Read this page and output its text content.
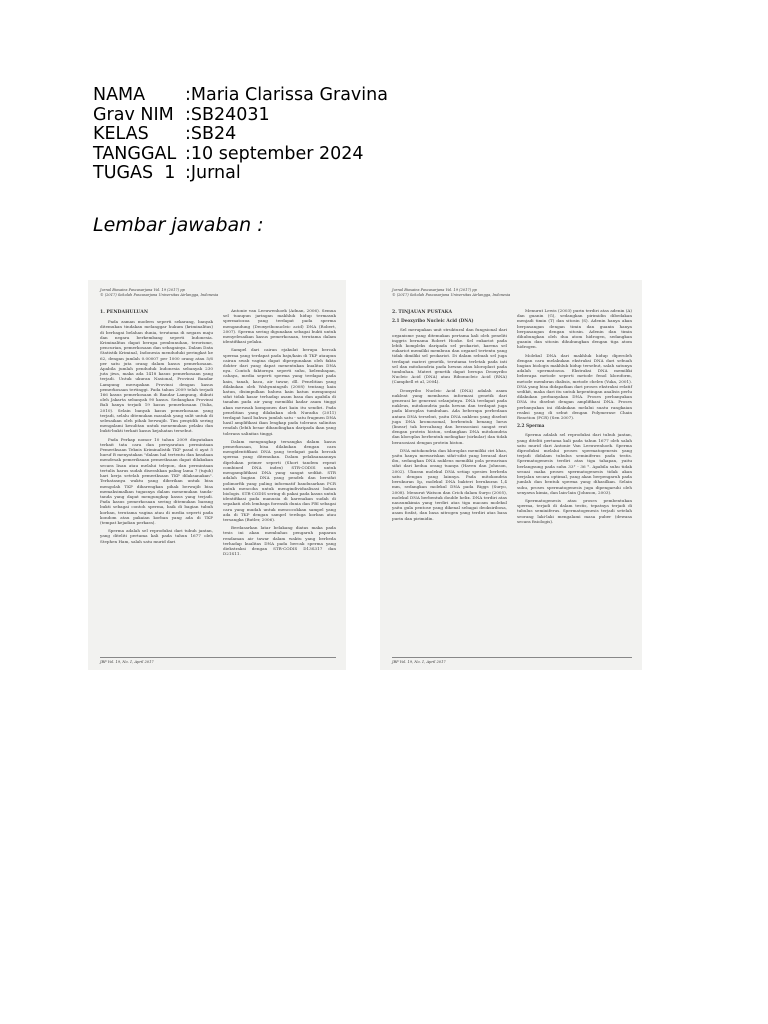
NAMA	:Maria Clarissa Gravina
Grav NIM :SB24031
KELAS	:SB24
TANGGAL :10 september 2024
TUGAS  1 :Jurnal
Lembar jawaban :
Jurnal Biosains Pascasarjana Vol. 19 (2017) pp
© (2017) Sekolah Pascasarjana Universitas Airlangga, Indonesia
1. PENDAHULUAN

Pada zaman modern seperti sekarang, banyak ditemukan tindakan melanggar hukum (kriminalitas) di berbagai belahan dunia, terutama di negara maju dan negara berkembang seperti Indonesia. Kriminalitas dapat berupa pembunuhan, terorisme, pencurian, pemerkosaan dan sebagainya. Dalam Data Statistik Kriminal, Indonesia menduduki peringkat ke 62, dengan jumlah 0.00007 per 1000 orang atau 5/6 per satu juta orang dalam kasus pemerkosaan. Apabila jumlah penduduk Indonesia sebanyak 230 juta jiwa, maka ada 1418 kasus pemerkosaan yang terjadi. Untuk ukuran Nasional, Provinsi Bandar Lampung merupakan Provinsi dengan kasus pemerkosaan tertinggi. Pada tahun 2009 telah terjadi 166 kasus pemerkosaan di Bandar Lampung, diikuti oleh Jakarta sebanyak 90 kasus. Sedangkan Provinsi Bali hanya terjadi 19 kasus pemerkosaan (Yulia, 2010). Selain banyak kasus pemerkosaan yang terjadi, selalu ditemukan masalah yang sulit untuk di selesaikan oleh pihak berwajib. Tim penyidik sering mengalami kesulitan untuk menemukan pelaku dan bukti-bukti terkait kasus kejahatan tersebut.

Pada Perkap nomor 10 tahun 2009 dinyatakan terkait tata cara dan persyaratan permintaan Pemeriksaan Teknis Kriminalistik TKP pasal 6 ayat 5 huruf B menyatakan "dalam hal tertentu dan keadaan mendesak pemeriksaan pemeriksaan dapat dilakukan secara lisan atau melalui telepon, dan permintaan tertulis harus sudah diserahkan paling lama 7 (tujuh) hari kerja setelah pemeriksaan TKP dilaksanakan". Terbatasnya waktu yang diberikan untuk bisa mengolah TKP dibarengkan pihak berwajib bisa memaksimalkan tugasnya dalam menemukan tanda-tanda yang dapat mengungkap kasus yang terjadi. Pada kasus pemerkosaan sering ditemukan barang bukti sebagai contoh sperma, baik di bagian tubuh korban, terutama vagina atau di media seperti pada kondom atau pakaian korban yang ada di TKP (tempat kejadian perkara).

Sperma adalah sel reproduksi dari tubuh jantan, yang diteliti pertama kali pada tahun 1677 oleh Stephen Ham, salah satu murid dari

Antonie van Leeuwenhoek (Adnan, 2006). Semua sel tuaupun jaringan makhluk hidup termasuk spermatozoa yang terdapat pada sperma mengandung (Deoxyribonucleic acid) DNA (Robert, 2007). Sperma sering digunakan sebagai bukti untuk menyelesaikan kasus pemerkosaan, terutama dalam identifikasi pelaku.

Sampel dari cairan ejakulat berupa bercak sperma yang terdapat pada baju/kain di TKP ataupun cairan swab vagina dapat dipergunakan oleh fakta dokter dari yang dapat menentukan kualitas DNA nya. Contoh faktornya seperti suhu, kelembapan, cahaya, media seperti sperma yang terdapat pada kain, tanah, kaca, air tawar, dll. Penelitian yang dilakukan oleh Wahyuningsih (2008) tentang kain katun, disimpulkan bahwa kain katun mempunyai sifat tidak kasar terhadap asam basa dan apabila di tanahm pada air yang memiliki kadar asam tinggi akan merusak komponen dari kain itu sendiri. Pada penelitian yang dilakukan oleh Nuradia (2011) terdapat hasil bahwa jumlah satu - satu fragmen DNA hasil amplifikasi ikan lengkap pada tolerans salinitas rendah (lebih besar dibandingkan daripada ikan yang tolerans salinitas tinggi.

Dalam mengungkap tersangka dalam kasus pemerkosaan, bisa dilakukan dengan cara mengidentifikasi DNA yang terdapat pada bercak sperma yang ditemukan. Dalam pelaksanaannya dipelukan primer seperti (Short tandem repeat combined DNA index) STR-CODIS untuk mengamplifikasi DNA yang sangat sedikit. STR adalah bagian DNA yang pendek dan bersifat polimorfik yang paling informatif bandusarkan PCR untuk mencoba untuk mengindividualisasi bahan biologis. STR-CODIS sering di pakai pada kasus untuk identifikasi pada manusia di karenakan sudah di sepakati oleh lembaga forensik dunia dan FBI sebagai cara yang mudah untuk mencocokkan sampel yang ada di TKP dengan sampel terduga korban atau tersangka (Butler, 2006).

Berdasarkan latar belakang diatas maka pada tesis ini akan membahas pengaruh paparan rendaman air tawar dalam waktu yang berbeda terhadap kualitas DNA pada bercak sperma yang diekstraksi dengan STR-CODIS D13S317 dan D21S11.

JBP Vol. 19, No. 1, April 2017
Jurnal Biosains Pascasarjana Vol. 19 (2017) pp
© (2017) Sekolah Pascasarjana Universitas Airlangga, Indonesia
2. TINJAUAN PUSTAKA
2.1 Deoxyribo Nucleic Acid (DNA)

Sel merupakan unit struktural dan fungsional dari organisme yang ditemukan pertama kali oleh peneliti inggris bernama Robert Hooke. Sel eukariot pada lebih kompleks daripada sel prokariot, karena sel eukariot memiliki membran dan organel tertentu yang tidak dimiliki sel prokariot. Di dalam sebuah sel juga terdapat materi genetik, terutama terletak pada inti sel dan mitokondria pada hewan atau kloroplast pada tumbuhan. Materi genetik dapat berupa Deoxyribo Nucleic Acid (DNA) atau Ribonucleic Acid (RNA) (Campbell et al, 2004).

Deoxyribo Nucleic Acid (DNA) adalah asam nukleat yang membawa informasi genetik dari generasi ke generasi selanjutnya. DNA terdapat pada nukleus, mitokondria pada hewan dan terdapat juga pada kloroplas tumbuhan. Ada beberapa perbedaan antara DNA tersebut, yaitu DNA nukleus yang disebut juga DNA kromosomal, berbentuk benang lurus (linear) tak bercabang dan berasosiasi sangat erat dengan protein histon, sedangkan DNA mitokondria dan kloroplas berbentuk melingkar (sirkular) dan tidak berasosiasi dengan protein histon.

DNA mitokondria dan kloroplas memiliki ciri khas, yaitu hanya mewariskan sifat-sifat yang berasal dari ibu, sedangkan DNA nukleus memiliki pola pewarisan sifat dari kedua orang tuanya (Haven dan Johnson, 2002). Ukuran molekul DNA setiap spesies berbeda satu dengan yang lainnya. Pada mitokondria berukuran 5µ, molekul DNA bakteri berukuran 1,4 mm, sedangkan molekul DNA pada Riggs (Suryo, 2008). Menurut Watson dan Crick dalam Suryo (2005), molekul DNA berbentuk double helix. DNA terdiri atas nausumkimia yang terdiri atas tiga macam molekul yaitu gula pentose yang dikenal sebagai deoksiribosa, asam fosfat, dan basa nitrogen yang terdiri atas basa purin dan pirimidin.

Menurut Lewis (2003) purin terdiri atas adenin (A) dan guanin (G), sedangkan pirimidin dibedakan menjadi timin (T) dan sitosin (S). Adenin hanya akan berpasangan dengan timin dan guanin hanya berpasangan dengan sitosin. Adenin dan timin dihubungkan oleh dua atom hidrogen, sedangkan guanin dan sitosin dihubungkan dengan tiga atom hidrogen.

Molekul DNA dari makhluk hidup diperoleh dengan cara melakukan ekstraksi DNA dari sebuah bagian biologis makhluk hidup tersebut, salah satunya adalah spermatozoa. Ekstraksi DNA memiliki beberapa metode seperti metode fenol kloroform, metode membran dialisis, metode chelex (Yuka, 2001). DNA yang bisa didapatkan dari proses ekstraksi relatif sedikit, maka dari itu untuk kepentingan analisis perlu dilakukan perbanyakan DNA. Proses perbanyakan DNA itu disebut dengan amplifikasi DNA. Proses perbanyakan ini dilakukan melalui suatu rangkaian reaksi yang di sebut dengan Polymerase Chain Reaction (PCR) (Sen 2007).

2.2 Sperma

Sperma adalah sel reproduksi dari tubuh jantan, yang diteliti pertama kali pada tahun 1677 oleh salah satu murid dari Antonie Van Leeuwenhoek. Sperma diproduksi melalui proses spermatogenesis yang terjadi didalam tubulus seminiferus pada testis. Spermatogenesis terdiri atas tiga tahapan, yaitu berlangsung pada suhu 33° - 36 °. Apabila suhu tidak sesuai maka proses spermatogenesis tidak akan berjalan secara optimal, yang akan berpengaruh pada jumlah dan bentuk sperma yang dihasilkan. Selain suhu, proses spermatogenesis juga dipengaruhi oleh senyawa kimia, dan lain-lain (Johnson, 2003).

Spermatogenesis atau proses pembentukan sperma, terjadi di dalam testis, tepatnya terjadi di tubulus seminiferus. Spermatogenesis terjadi setelah seorang laki-laki mengalami masa puber (dewasa secara fisiologis).

JBP Vol. 19, No. 1, April 2017
